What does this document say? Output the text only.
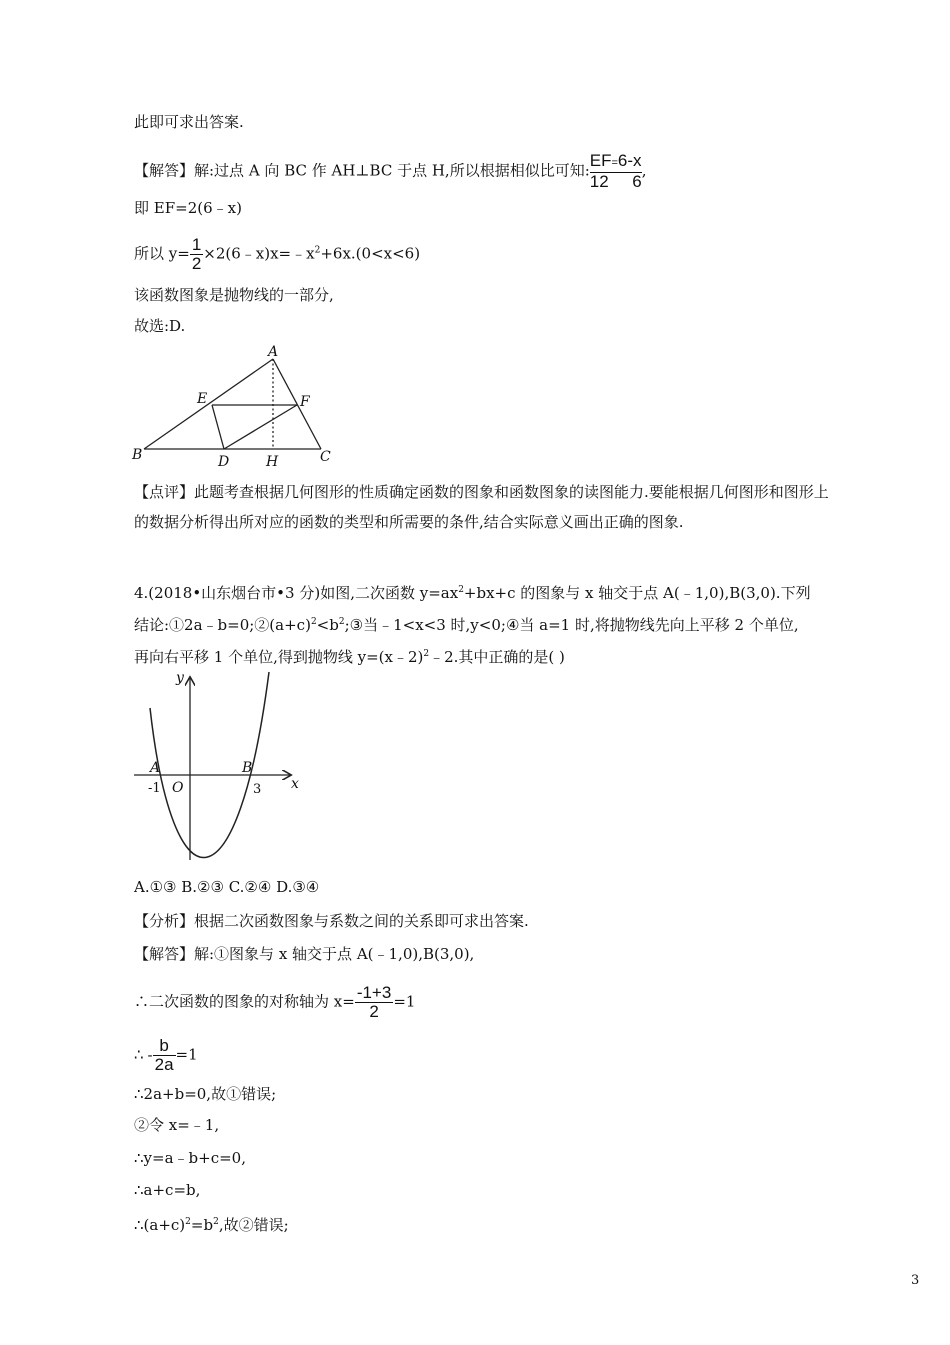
此即可求出答案.
【解答】解:过点 A 向 BC 作 AH⊥BC 于点 H,所以根据相似比可知: $\frac{EF=6-x}{12 6}$ ,
即 EF=2(6﹣x)
所以 $y= \frac{1}{2}$ $\times 2(6﹣x)x=﹣x^2+6x.(0<x<6)$
该函数图象是抛物线的一部分,
故选:D.
A
B	C
D
E	F
H
【点评】此题考查根据几何图形的性质确定函数的图象和函数图象的读图能力.要能根据几何图形和图形上
的数据分析得出所对应的函数的类型和所需要的条件,结合实际意义画出正确的图象.
4.(2018•山东烟台市•3 分)如图,二次函数 $y=ax^2+bx+c$ 的图象与 x 轴交于点 A(﹣1,0),B(3,0).下列
结论$:①2a﹣b=0;②(a+c)^2<b^2;③$当﹣1<x<3 时,y<0;④当 a=1 时,将抛物线先向上平移 2 个单位,
再向右平移 1 个单位,得到抛物线 y=(x﹣2)$^2$﹣2.其中正确的是( )
y
x
A	B
O
-1	3
A.①③ B.②③ C.②④ D.③④
【分析】根据二次函数图象与系数之间的关系即可求出答案.
【解答】解:①图象与 x 轴交于点 A(﹣1,0),B(3,0),
∴二次函数的图象的对称轴为 $x= \frac{-1+3}{2} =1$
∴ - $\frac{b}{2a} =1$
∴2a+b=0,故①错误;
②令 x=﹣1,
∴y=a﹣b+c=0,
∴a+c=b,
$\therefore(a+c)^2=b^2$,故②错误;
3
